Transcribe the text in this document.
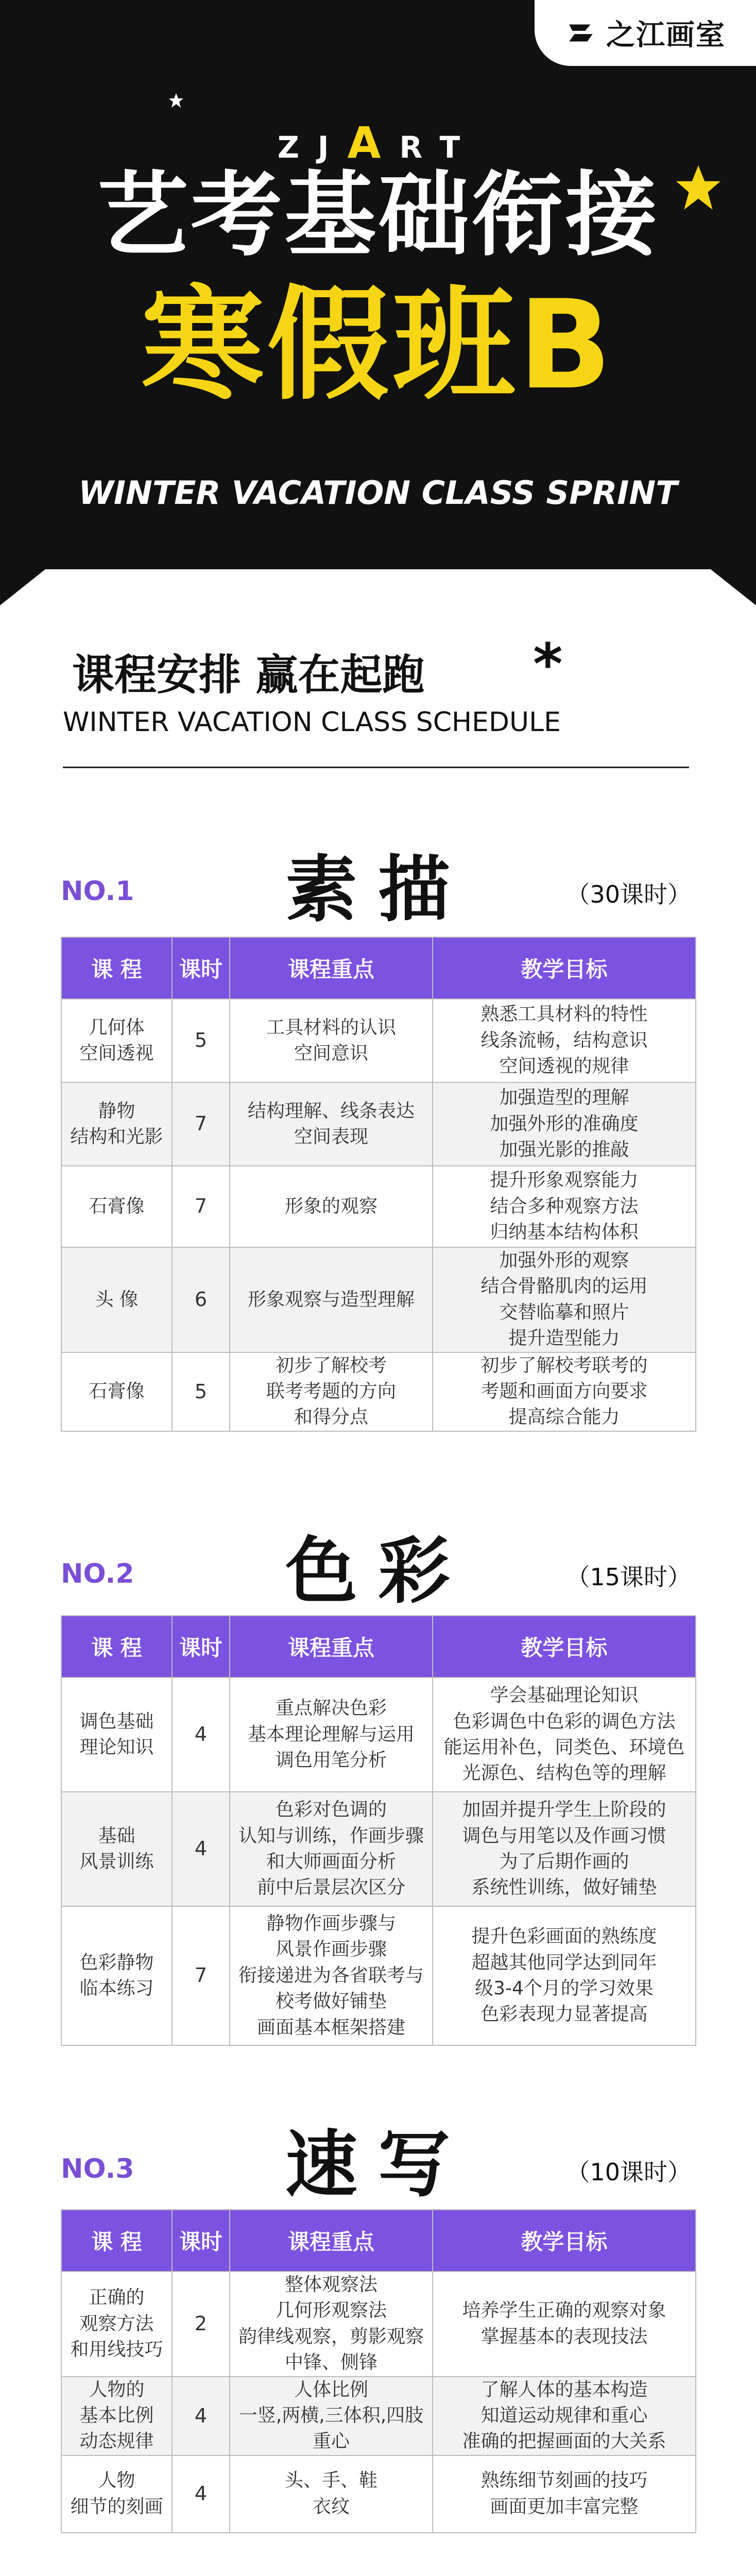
之江画室
ZJART
艺考基础衔接
寒假班B
WINTER VACATION CLASS SPRINT
课程安排 赢在起跑 *
WINTER VACATION CLASS SCHEDULE
NO.1	素描	（30课时）
课 程	课时	课程重点	教学目标

几何体
空间透视	5	工具材料的认识
空间意识	熟悉工具材料的特性
线条流畅，结构意识
空间透视的规律

静物
结构和光影	7	结构理解、线条表达
空间表现	加强造型的理解
加强外形的准确度
加强光影的推敲

石膏像	7	形象的观察	提升形象观察能力
结合多种观察方法
归纳基本结构体积

头 像	6	形象观察与造型理解	加强外形的观察
结合骨骼肌肉的运用
交替临摹和照片
提升造型能力

石膏像	5	初步了解校考
联考考题的方向
和得分点	初步了解校考联考的
考题和画面方向要求
提高综合能力
NO.2	色彩	（15课时）
课 程	课时	课程重点	教学目标

调色基础
理论知识	4	重点解决色彩
基本理论理解与运用
调色用笔分析	学会基础理论知识
色彩调色中色彩的调色方法
能运用补色，同类色、环境色
光源色、结构色等的理解

基础
风景训练	4	色彩对色调的
认知与训练，作画步骤
和大师画面分析
前中后景层次区分	加固并提升学生上阶段的
调色与用笔以及作画习惯
为了后期作画的
系统性训练，做好铺垫

色彩静物
临本练习	7	静物作画步骤与
风景作画步骤
衔接递进为各省联考与
校考做好铺垫
画面基本框架搭建	提升色彩画面的熟练度
超越其他同学达到同年
级3-4个月的学习效果
色彩表现力显著提高
NO.3	速写	（10课时）
课 程	课时	课程重点	教学目标

正确的
观察方法
和用线技巧	2	整体观察法
几何形观察法
韵律线观察，剪影观察
中锋、侧锋	培养学生正确的观察对象
掌握基本的表现技法

人物的
基本比例
动态规律	4	人体比例
一竖,两横,三体积,四肢
重心	了解人体的基本构造
知道运动规律和重心
准确的把握画面的大关系

人物
细节的刻画	4	头、手、鞋
衣纹	熟练细节刻画的技巧
画面更加丰富完整
